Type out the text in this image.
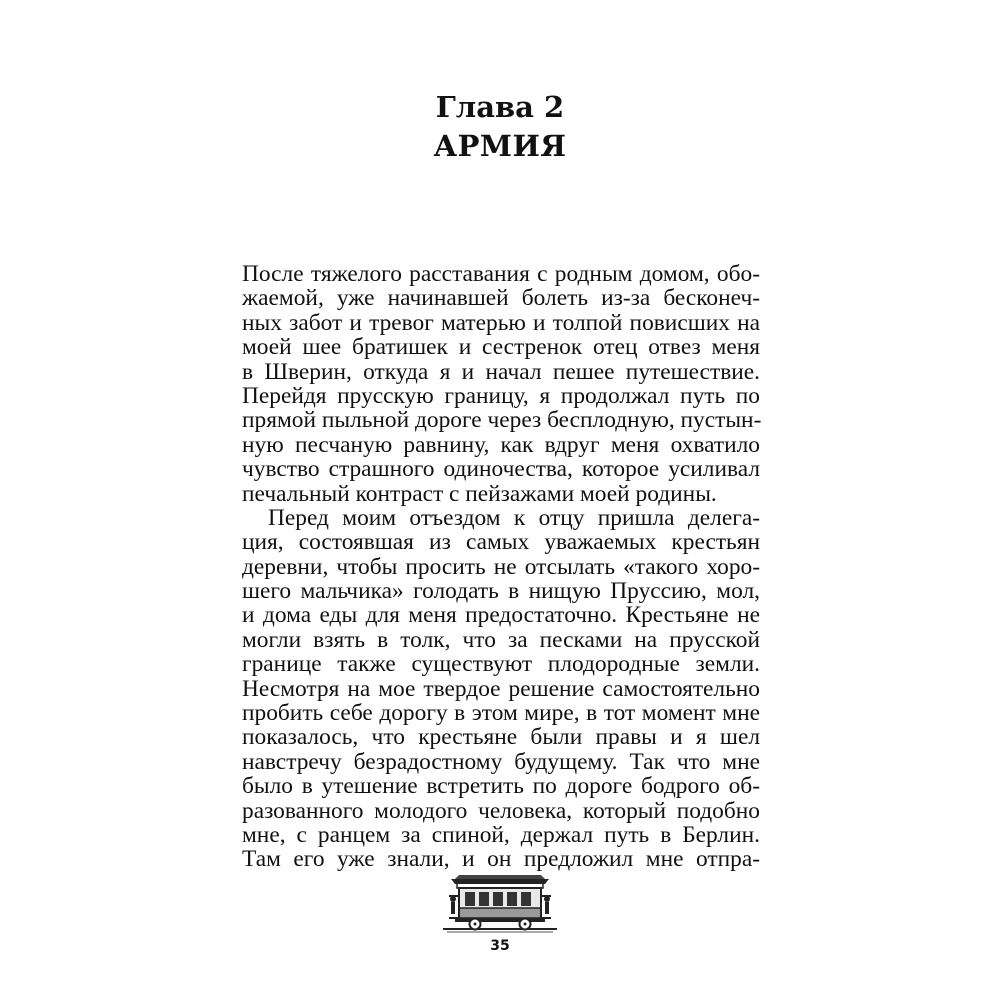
Глава 2

АРМИЯ

После тяжелого расставания с родным домом, обо-
жаемой, уже начинавшей болеть из-за бесконеч-
ных забот и тревог матерью и толпой повисших на
моей шее братишек и сестренок отец отвез меня
в Шверин, откуда я и начал пешее путешествие.
Перейдя прусскую границу, я продолжал путь по
прямой пыльной дороге через бесплодную, пустын-
ную песчаную равнину, как вдруг меня охватило
чувство страшного одиночества, которое усиливал
печальный контраст с пейзажами моей родины.
Перед моим отъездом к отцу пришла делега-
ция, состоявшая из самых уважаемых крестьян
деревни, чтобы просить не отсылать «такого хоро-
шего мальчика» голодать в нищую Пруссию, мол,
и дома еды для меня предостаточно. Крестьяне не
могли взять в толк, что за песками на прусской
границе также существуют плодородные земли.
Несмотря на мое твердое решение самостоятельно
пробить себе дорогу в этом мире, в тот момент мне
показалось, что крестьяне были правы и я шел
навстречу безрадостному будущему. Так что мне
было в утешение встретить по дороге бодрого об-
разованного молодого человека, который подобно
мне, с ранцем за спиной, держал путь в Берлин.
Там его уже знали, и он предложил мне отпра-
35
